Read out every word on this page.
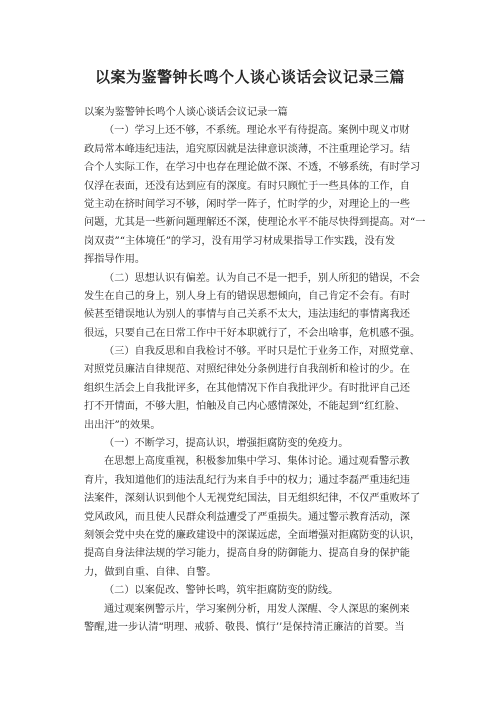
以案为鉴警钟长鸣个人谈心谈话会议记录三篇
以案为鉴警钟长鸣个人谈心谈话会议记录一篇
（一）学习上还不够，不系统。理论水平有待提高。案例中现义市财
政局常本峰违纪违法，追究原因就是法律意识淡薄，不注重理论学习。结
合个人实际工作，在学习中也存在理论做不深、不透，不够系统，有时学习
仅浮在表面，还没有达到应有的深度。有时只顾忙于一些具体的工作，自
觉主动在挤时间学习不够，闲时学一阵子，忙时学的少，对理论上的一些
问题，尤其是一些新问题理解还不深，使理论水平不能尽快得到提高。对“一
岗双责”“主体境任”的学习，没有用学习材成果指导工作实践，没有发
挥指导作用。
（二）思想认识有偏差。认为自己不是一把手，别人所犯的错误，不会
发生在自己的身上，别人身上有的错误思想倾向，自己肯定不会有。有时
候甚至错误地认为别人的事情与自己关系不太大，违法违纪的事情离我还
很远，只要自己在日常工作中干好本职就行了，不会出啥事，危机感不强。
（三）自我反思和自我检讨不够。平时只是忙于业务工作，对照党章、
对照党员廉洁自律规范、对照纪律处分条例进行自我剖析和检讨的少。在
组织生活会上自我批评多，在其他情况下作自我批评少。有时批评自己还
打不开情面，不够大胆，怕触及自己内心感情深处，不能起到“红红脸、
出出汗”的效果。
（一）不断学习，提高认识，增强拒腐防变的免疫力。
在思想上高度重视，积极参加集中学习、集体讨论。通过观看警示教
育片，我知道他们的违法乱纪行为来自手中的权力；通过李磊严重违纪违
法案件，深刻认识到他个人无视党纪国法，目无组织纪律，不仅严重败坏了
党风政风，而且使人民群众利益遭受了严重损失。通过警示教育活动，深
刻领会党中央在党的廉政建设中的深谋远虑，全面增强对拒腐防变的认识，
提高自身法律法规的学习能力，提高自身的防御能力、提高自身的保护能
力，做到自重、自律、自警。
（二）以案促改、警钟长鸣，筑牢拒腐防变的防线。
通过观案例警示片，学习案例分析，用发人深醒、令人深思的案例来
警醒,进一步认清“明理、戒骄、敬畏、慎行’’是保持清正廉洁的首要。当
